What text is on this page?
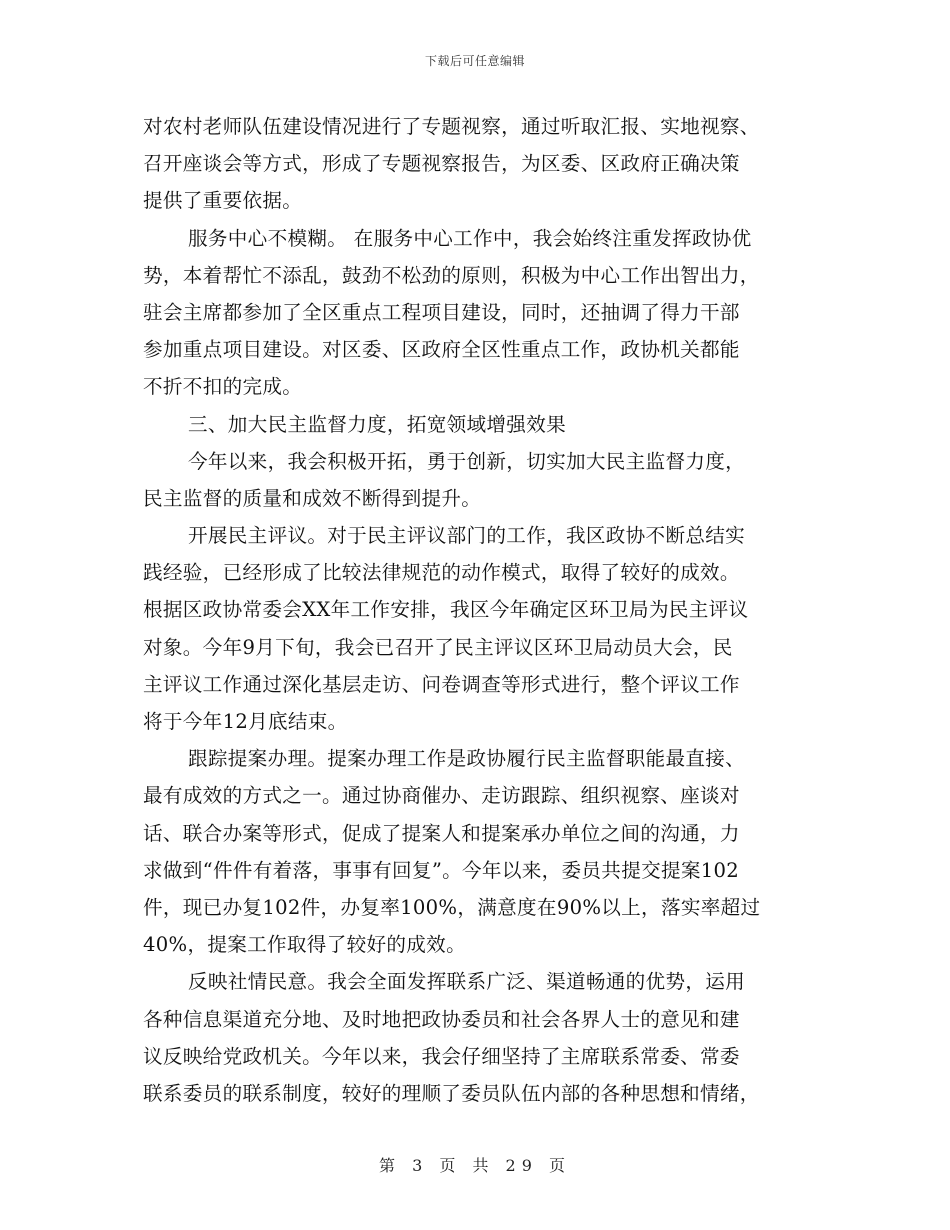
下载后可任意编辑
对农村老师队伍建设情况进行了专题视察，通过听取汇报、实地视察、
召开座谈会等方式，形成了专题视察报告，为区委、区政府正确决策
提供了重要依据。
服务中心不模糊。 在服务中心工作中，我会始终注重发挥政协优
势，本着帮忙不添乱，鼓劲不松劲的原则，积极为中心工作出智出力，
驻会主席都参加了全区重点工程项目建设，同时，还抽调了得力干部
参加重点项目建设。对区委、区政府全区性重点工作，政协机关都能
不折不扣的完成。
三、加大民主监督力度，拓宽领域增强效果
今年以来，我会积极开拓，勇于创新，切实加大民主监督力度，
民主监督的质量和成效不断得到提升。
开展民主评议。对于民主评议部门的工作，我区政协不断总结实
践经验，已经形成了比较法律规范的动作模式，取得了较好的成效。
根据区政协常委会XX年工作安排，我区今年确定区环卫局为民主评议
对象。今年9月下旬，我会已召开了民主评议区环卫局动员大会，民
主评议工作通过深化基层走访、问卷调查等形式进行，整个评议工作
将于今年12月底结束。
跟踪提案办理。提案办理工作是政协履行民主监督职能最直接、
最有成效的方式之一。通过协商催办、走访跟踪、组织视察、座谈对
话、联合办案等形式，促成了提案人和提案承办单位之间的沟通，力
求做到“件件有着落，事事有回复”。今年以来，委员共提交提案102
件，现已办复102件，办复率100%，满意度在90%以上，落实率超过
40%，提案工作取得了较好的成效。
反映社情民意。我会全面发挥联系广泛、渠道畅通的优势，运用
各种信息渠道充分地、及时地把政协委员和社会各界人士的意见和建
议反映给党政机关。今年以来，我会仔细坚持了主席联系常委、常委
联系委员的联系制度，较好的理顺了委员队伍内部的各种思想和情绪，
第 3 页 共 29 页
